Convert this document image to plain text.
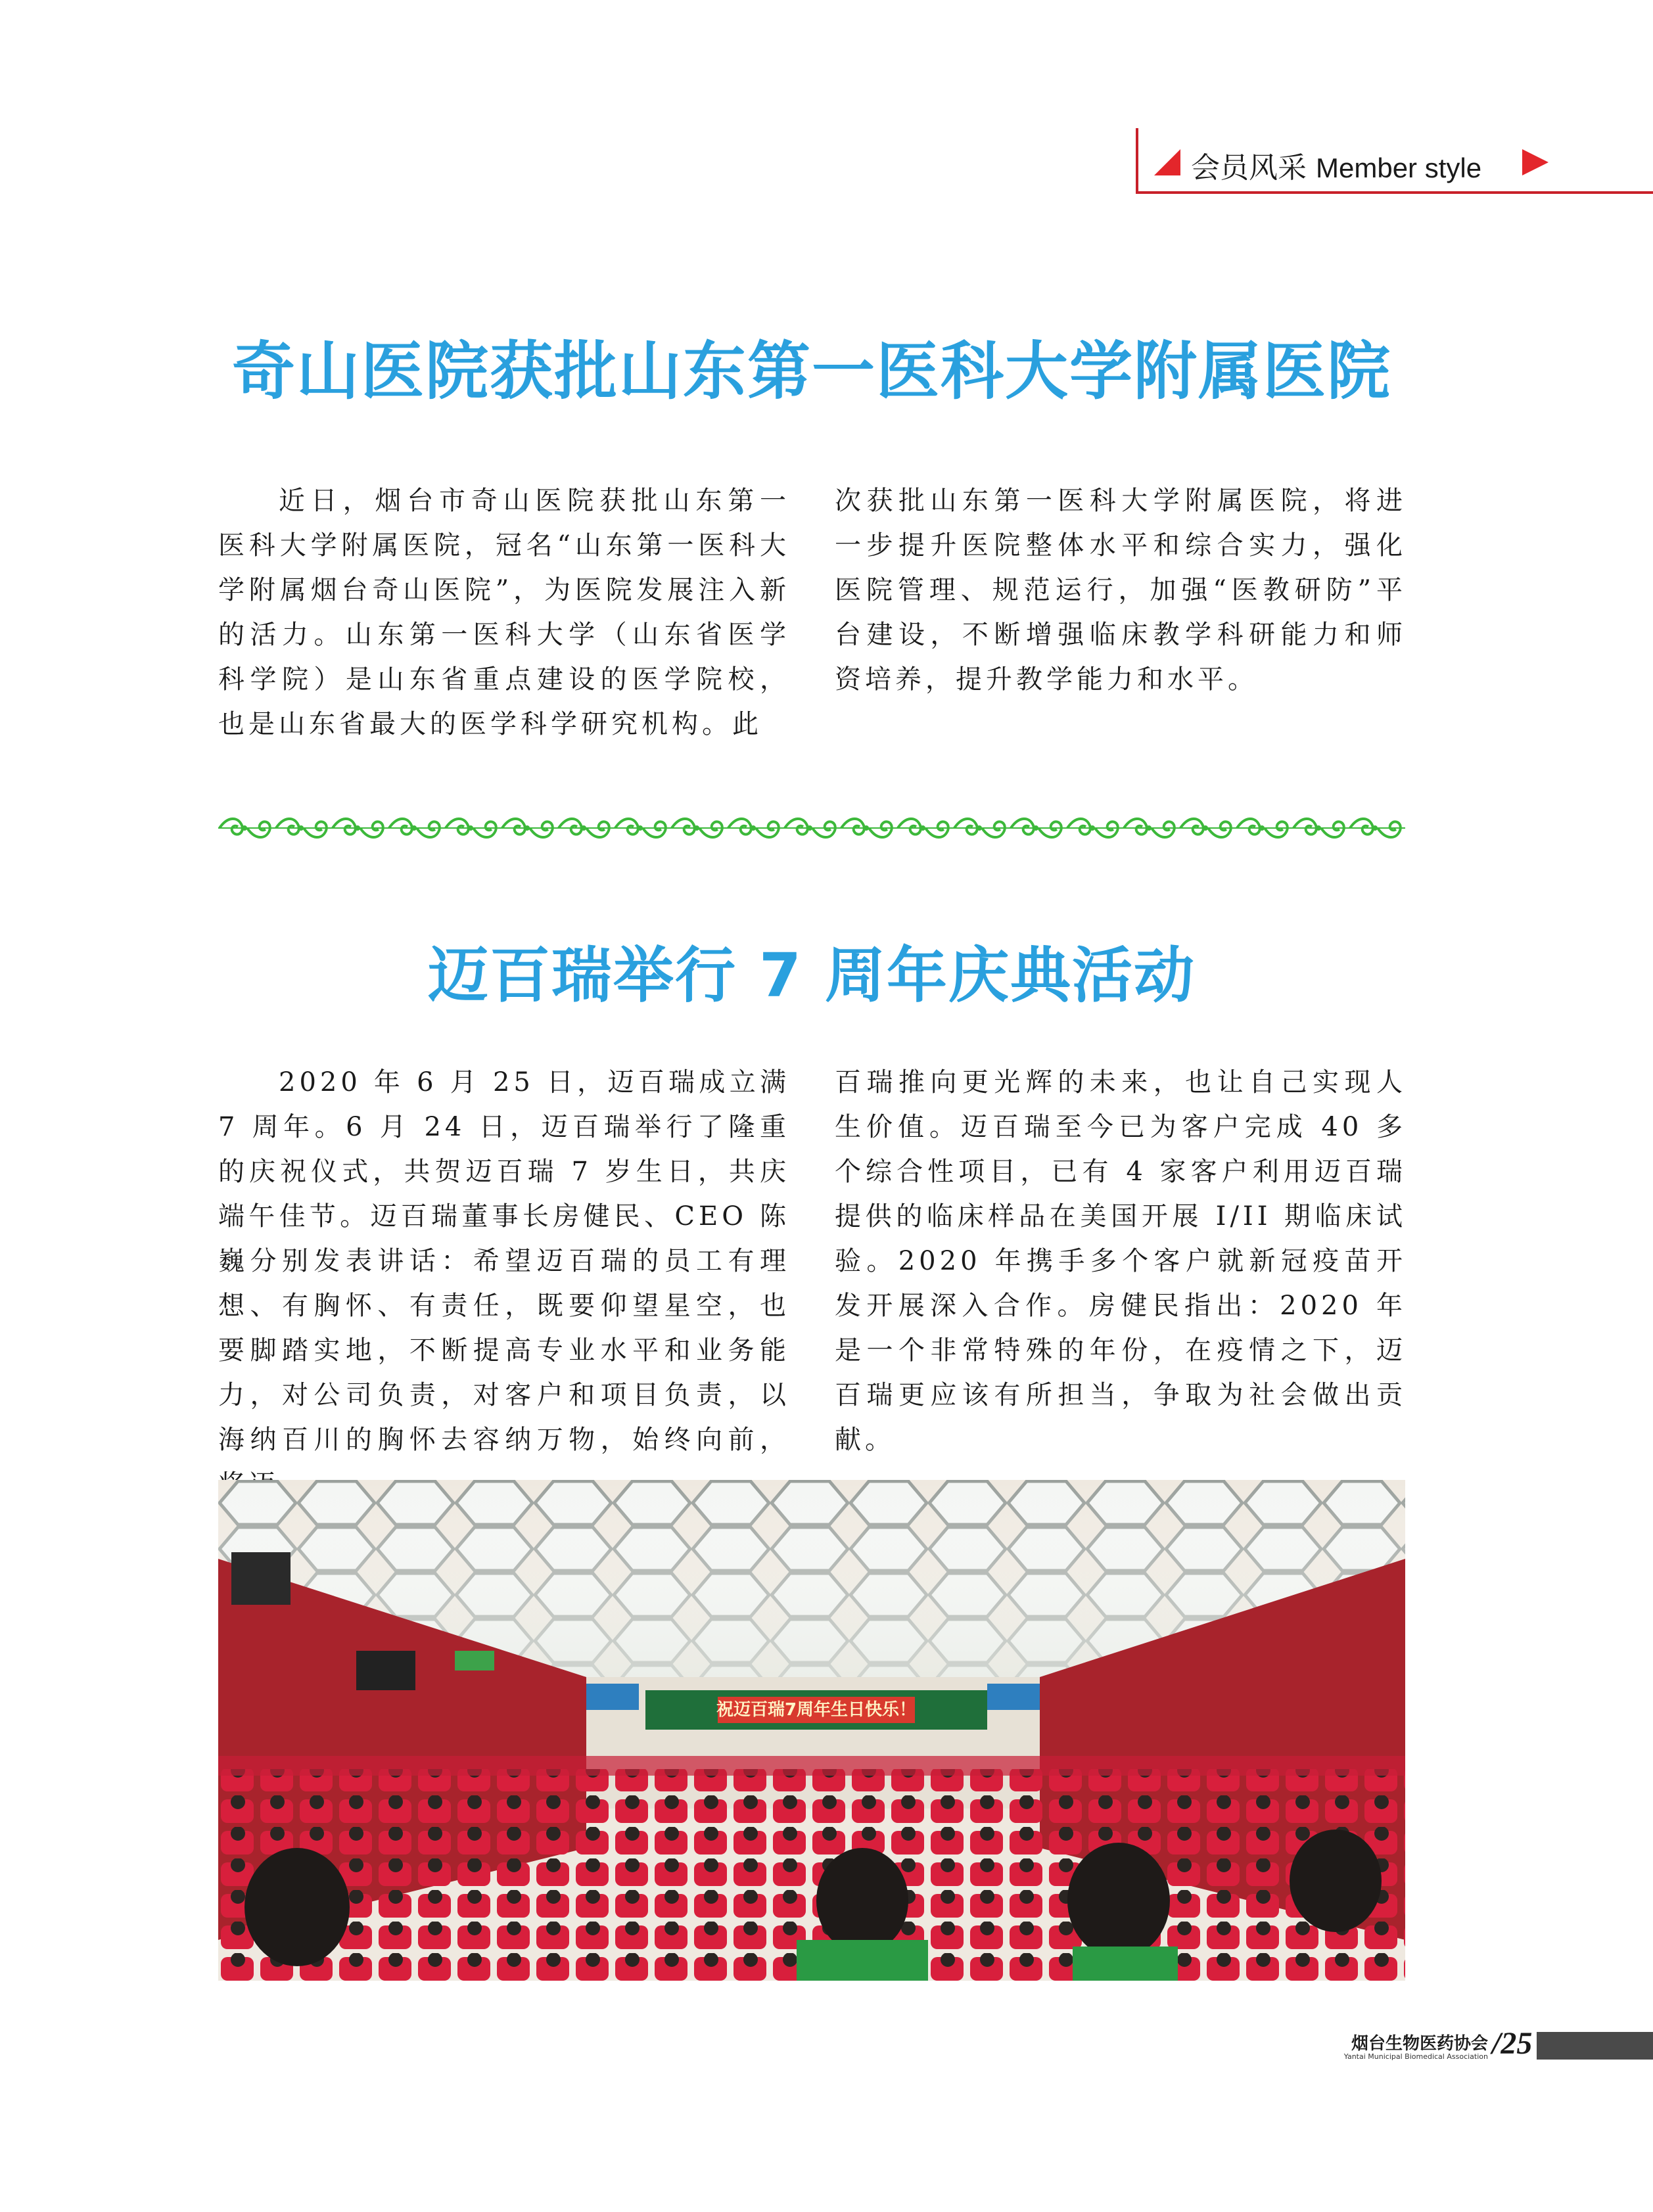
会员风采 Member style
奇山医院获批山东第一医科大学附属医院

近日，烟台市奇山医院获批山东第一医科大学附属医院，冠名“山东第一医科大学附属烟台奇山医院”，为医院发展注入新的活力。山东第一医科大学（山东省医学科学院）是山东省重点建设的医学院校，也是山东省最大的医学科学研究机构。此

次获批山东第一医科大学附属医院，将进一步提升医院整体水平和综合实力，强化医院管理、规范运行，加强“医教研防”平台建设，不断增强临床教学科研能力和师资培养，提升教学能力和水平。

迈百瑞举行 7 周年庆典活动

2020 年 6 月 25 日，迈百瑞成立满 7 周年。6 月 24 日，迈百瑞举行了隆重的庆祝仪式，共贺迈百瑞 7 岁生日，共庆端午佳节。迈百瑞董事长房健民、CEO 陈巍分别发表讲话：希望迈百瑞的员工有理想、有胸怀、有责任，既要仰望星空，也要脚踏实地，不断提高专业水平和业务能力，对公司负责，对客户和项目负责，以海纳百川的胸怀去容纳万物，始终向前，

百瑞推向更光辉的未来，也让自己实现人生价值。迈百瑞至今已为客户完成 40 多个综合性项目，已有 4 家客户利用迈百瑞提供的临床样品在美国开展 I/II 期临床试验。2020 年携手多个客户就新冠疫苗开发开展深入合作。房健民指出：2020 年是一个非常特殊的年份，在疫情之下，迈百瑞更应该有所担当，争取为社会做出贡献。

祝迈百瑞7周年生日快乐！
烟台生物医药协会
Yantai Municipal Biomedical Association /25
